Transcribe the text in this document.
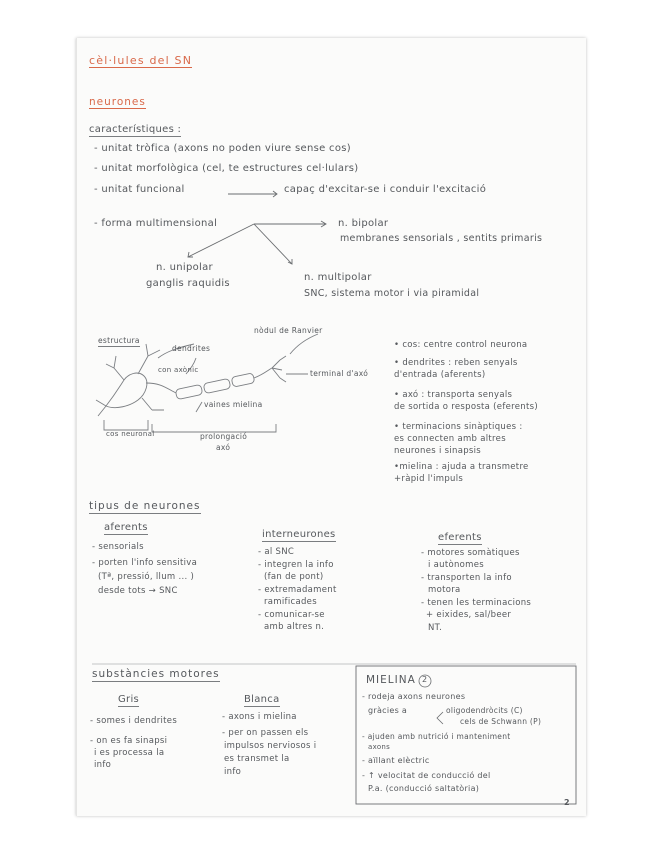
cèl·lules del SN
neurones
característiques :
- unitat tròfica (axons no poden viure sense cos)
- unitat morfològica (cel, te estructures cel·lulars)
- unitat funcional	capaç d'excitar-se i conduir l'excitació
- forma multimensional	n. bipolar
membranes sensorials , sentits primaris
n. unipolar
ganglis raquidis
n. multipolar
SNC, sistema motor i via piramidal
estructura
dendrites
nòdul de Ranvier
con axònic	terminal d'axó
vaines mielina
cos neuronal	prolongació
axó
• cos: centre control neurona
• dendrites : reben senyals
d'entrada (aferents)
• axó : transporta senyals
de sortida o resposta (eferents)
• terminacions sinàptiques :
es connecten amb altres
neurones i sinapsis
•mielina : ajuda a transmetre
+ràpid l'impuls
tipus de neurones
aferents
- sensorials
- porten l'info sensitiva
(Tª, pressió, llum ... )
desde tots → SNC
interneurones
- al SNC
- integren la info
(fan de pont)
- extremadament
ramificades
- comunicar-se
amb altres n.
eferents
- motores somàtiques
i autònomes
- transporten la info
motora
- tenen les terminacions
+ eixides, sal/beer
NT.
substàncies motores
Gris
- somes i dendrites
- on es fa sinapsi
i es processa la
info
Blanca
- axons i mielina
- per on passen els
impulsos nerviosos i
es transmet la
info
MIELINA 2
- rodeja axons neurones
gràcies a	oligodendròcits (C)
cels de Schwann (P)
- ajuden amb nutrició i manteniment
axons
- aïllant elèctric
- ↑ velocitat de conducció del
P.a. (conducció saltatòria)
2
